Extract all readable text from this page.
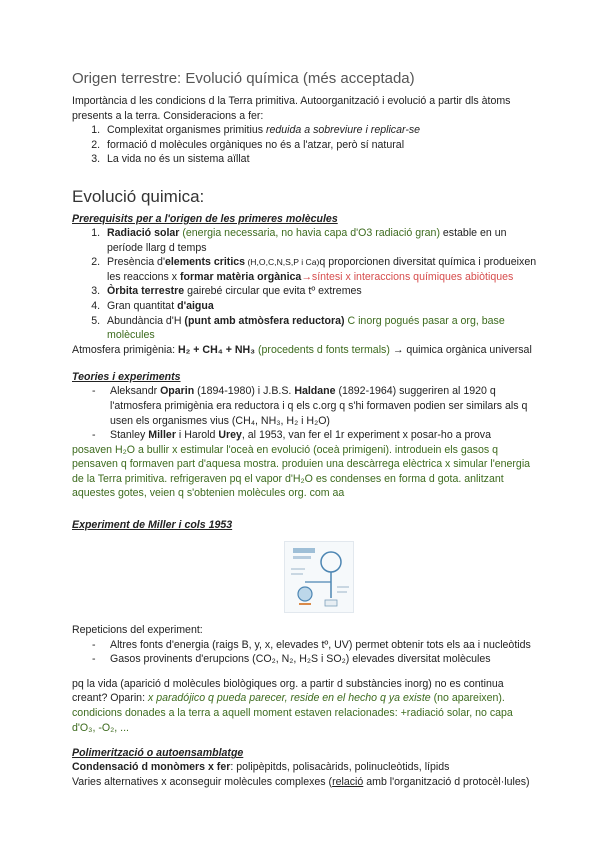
Origen terrestre: Evolució química (més acceptada)

Importància d les condicions d la Terra primitiva. Autoorganització i evolució a partir dls àtoms

presents a la terra. Consideracions a fer:

1. Complexitat organismes primitius reduida a sobreviure i replicar-se
2. formació d molècules orgàniques no és a l'atzar, però sí natural
3. La vida no és un sistema aïllat
Evolució quimica:
Prerequisits per a l'origen de les primeres molècules
1. Radiació solar (energia necessaria, no havia capa d'O3 radiació gran) estable en un
període llarg d temps
2. Presència d'elements critics (H,O,C,N,S,P i Ca)q proporcionen diversitat química i produeixen
les reaccions x formar matèria orgànica→síntesi x interaccions químiques abiòtiques
3. Òrbita terrestre gairebé circular que evita tº extremes
4. Gran quantitat d'aigua
5. Abundància d'H (punt amb atmòsfera reductora) C inorg pogués pasar a org, base molècules

Atmosfera primigènia: H₂ + CH₄ + NH₃ (procedents d fonts termals) → quimica orgànica universal

Teories i experiments
- Aleksandr Oparin (1894-1980) i J.B.S. Haldane (1892-1964) suggeriren al 1920 q
l'atmosfera primigènia era reductora i q els c.org q s'hi formaven podien ser similars als q
usen els organismes vius (CH₄, NH₃, H₂ i H₂O)
- Stanley Miller i Harold Urey, al 1953, van fer el 1r experiment x posar-ho a prova

posaven H₂O a bullir x estimular l'oceà en evolució (oceà primigeni). introduein els gasos q

pensaven q formaven part d'aquesa mostra. produien una descàrrega elèctrica x simular l'energia

de la Terra primitiva. refrigeraven pq el vapor d'H₂O es condenses en forma d gota. anlitzant

aquestes gotes, veien q s'obtenien molècules org. com aa

Experiment de Miller i cols 1953

Repeticions del experiment:

- Altres fonts d'energia (raigs B, y, x, elevades tº, UV) permet obtenir tots els aa i nucleòtids
- Gasos provinents d'erupcions (CO₂, N₂, H₂S i SO₂) elevades diversitat molècules

pq la vida (aparició d molècules biològiques org. a partir d substàncies inorg) no es continua

creant? Oparin: x paradójico q pueda parecer, reside en el hecho q ya existe (no apareixen).

condicions donades a la terra a aquell moment estaven relacionades: +radiació solar, no capa

d'O₃, -O₂, ...

Polimerització o autoensamblatge

Condensació d monòmers x fer: polipèpitds, polisacàrids, polinucleòtids, lípids

Varies alternatives x aconseguir molècules complexes (relació amb l'organització d protocèl·lules)
